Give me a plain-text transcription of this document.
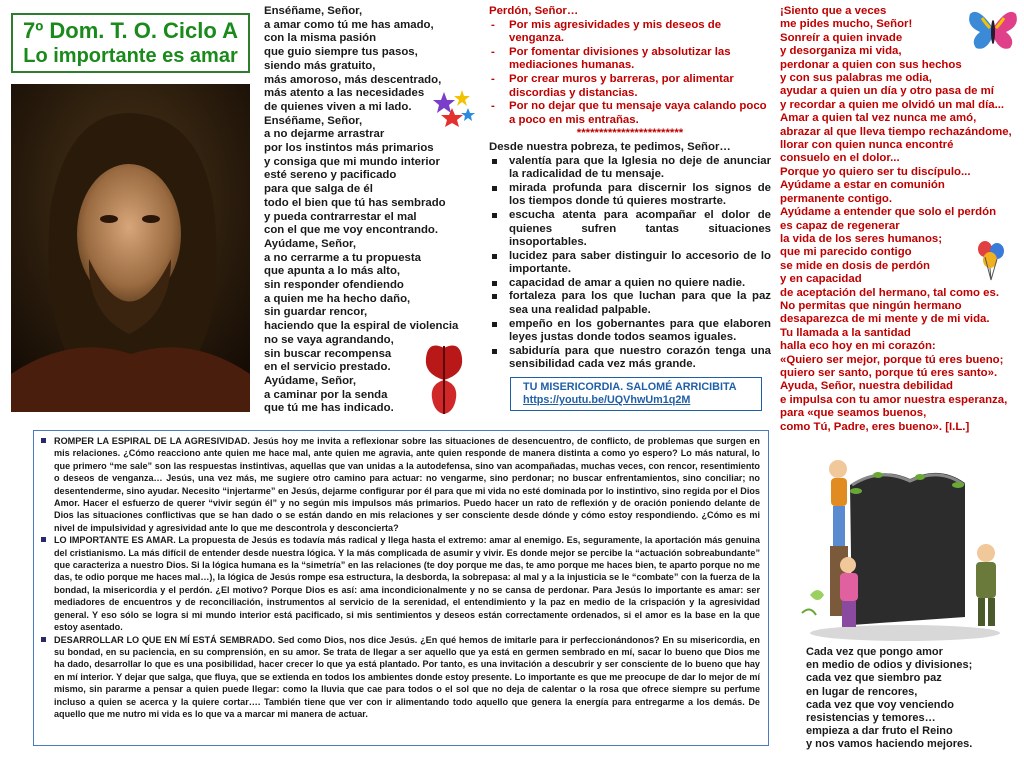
7º Dom. T. O. Ciclo A
Lo importante es amar
Enséñame, Señor,
a amar como tú me has amado,
con la misma pasión
que guio siempre tus pasos,
siendo más gratuito,
más amoroso, más descentrado,
más atento a las necesidades
de quienes viven a mi lado.
Enséñame, Señor,
a no dejarme arrastrar
por los instintos más primarios
y consiga que mi mundo interior
esté sereno y pacificado
para que salga de él
todo el bien que tú has sembrado
y pueda contrarrestar el mal
con el que me voy encontrando.
Ayúdame, Señor,
a no cerrarme a tu propuesta
que apunta a lo más alto,
sin responder ofendiendo
a quien me ha hecho daño,
sin guardar rencor,
haciendo que la espiral de violencia
no se vaya agrandando,
sin buscar recompensa
en el servicio prestado.
Ayúdame, Señor,
a caminar por la senda
que tú me has indicado.
Perdón, Señor…
- Por mis agresividades y mis deseos de venganza.
- Por fomentar divisiones y absolutizar las mediaciones humanas.
- Por crear muros y barreras, por alimentar discordias y distancias.
- Por no dejar que tu mensaje vaya calando poco a poco en mis entrañas.
************************
Desde nuestra pobreza, te pedimos, Señor…
valentía para que la Iglesia no deje de anunciar la radicalidad de tu mensaje.
mirada profunda para discernir los signos de los tiempos donde tú quieres mostrarte.
escucha atenta para acompañar el dolor de quienes sufren tantas situaciones insoportables.
lucidez para saber distinguir lo accesorio de lo importante.
capacidad de amar a quien no quiere nadie.
fortaleza para los que luchan para que la paz sea una realidad palpable.
empeño en los gobernantes para que elaboren leyes justas donde todos seamos iguales.
sabiduría para que nuestro corazón tenga una sensibilidad cada vez más grande.
TU MISERICORDIA. SALOMÉ ARRICIBITA
https://youtu.be/UQVhwUm1q2M
¡Siento que a veces
me pides mucho, Señor!
Sonreír a quien invade
y desorganiza mi vida,
perdonar a quien con sus hechos
y con sus palabras me odia,
ayudar a quien un día y otro pasa de mí
y recordar a quien me olvidó un mal día...
Amar a quien tal vez nunca me amó,
abrazar al que lleva tiempo rechazándome,
llorar con quien nunca encontré
consuelo en el dolor...
Porque yo quiero ser tu discípulo...
Ayúdame a estar en comunión
permanente contigo.
Ayúdame a entender que solo el perdón
es capaz de regenerar
la vida de los seres humanos;
que mi parecido contigo
se mide en dosis de perdón
y en capacidad
de aceptación del hermano, tal como es.
No permitas que ningún hermano
desaparezca de mi mente y de mi vida.
Tu llamada a la santidad
halla eco hoy en mi corazón:
«Quiero ser mejor, porque tú eres bueno;
quiero ser santo, porque tú eres santo».
Ayuda, Señor, nuestra debilidad
e impulsa con tu amor nuestra esperanza,
para «que seamos buenos,
como Tú, Padre, eres bueno». [I.L.]

ROMPER LA ESPIRAL DE LA AGRESIVIDAD. Jesús hoy me invita a reflexionar sobre las situaciones de desencuentro, de conflicto, de problemas que surgen en mis relaciones. ¿Cómo reacciono ante quien me hace mal, ante quien me agravia, ante quien responde de manera distinta a como yo espero? Lo más natural, lo que primero “me sale” son las respuestas instintivas, aquellas que van unidas a la autodefensa, sino van acompañadas, muchas veces, con rencor, resentimiento o deseos de venganza… Jesús, una vez más, me sugiere otro camino para actuar: no vengarme, sino perdonar; no buscar enfrentamientos, sino conciliar; no desentenderme, sino ayudar. Necesito “injertarme” en Jesús, dejarme configurar por él para que mi vida no esté dominada por lo instintivo, sino regida por el Dios Amor. Hacer el esfuerzo de querer “vivir según él” y no según mis impulsos más primarios. Puedo hacer un rato de reflexión y de oración poniendo delante de Dios las situaciones conflictivas que se han dado o se están dando en mis relaciones y ser consciente desde dónde y cómo estoy respondiendo. ¿Cómo es mi nivel de impulsividad y agresividad ante lo que me descontrola y desconcierta?

LO IMPORTANTE ES AMAR. La propuesta de Jesús es todavía más radical y llega hasta el extremo: amar al enemigo. Es, seguramente, la aportación más genuina del cristianismo. La más difícil de entender desde nuestra lógica. Y la más complicada de asumir y vivir. Es donde mejor se percibe la “actuación sobreabundante” que caracteriza a nuestro Dios. Si la lógica humana es la “simetría” en las relaciones (te doy porque me das, te amo porque me haces bien, te aparto porque no me das, te odio porque me haces mal…), la lógica de Jesús rompe esa estructura, la desborda, la sobrepasa: al mal y a la injusticia se le “combate” con la fuerza de la bondad, la misericordia y el perdón. ¿El motivo? Porque Dios es así: ama incondicionalmente y no se cansa de perdonar. Para Jesús lo importante es amar: ser mediadores de encuentros y de reconciliación, instrumentos al servicio de la serenidad, el entendimiento y la paz en medio de la crispación y la agresividad general. Y eso sólo se logra si mi mundo interior está pacificado, si mis sentimientos y deseos están correctamente ordenados, si el amor es la base en la que estoy asentado.

DESARROLLAR LO QUE EN MÍ ESTÁ SEMBRADO. Sed como Dios, nos dice Jesús. ¿En qué hemos de imitarle para ir perfeccionándonos? En su misericordia, en su bondad, en su paciencia, en su comprensión, en su amor. Se trata de llegar a ser aquello que ya está en germen sembrado en mí, sacar lo bueno que Dios me ha dado, desarrollar lo que es una posibilidad, hacer crecer lo que ya está plantado. Por tanto, es una invitación a descubrir y ser consciente de lo bueno que hay en mí interior. Y dejar que salga, que fluya, que se extienda en todos los ambientes donde estoy presente. Lo importante es que me preocupe de dar lo mejor de mí mismo, sin pararme a pensar a quien puede llegar: como la lluvia que cae para todos o el sol que no deja de calentar o la rosa que ofrece siempre su perfume incluso a quien se acerca y la quiere cortar…. También tiene que ver con ir alimentando todo aquello que genera la energía para entregarme a los demás. De aquello que me nutro mi vida es lo que va a marcar mi manera de actuar.

Cada vez que pongo amor
en medio de odios y divisiones;
cada vez que siembro paz
en lugar de rencores,
cada vez que voy venciendo
resistencias y temores…
empieza a dar fruto el Reino
y nos vamos haciendo mejores.
